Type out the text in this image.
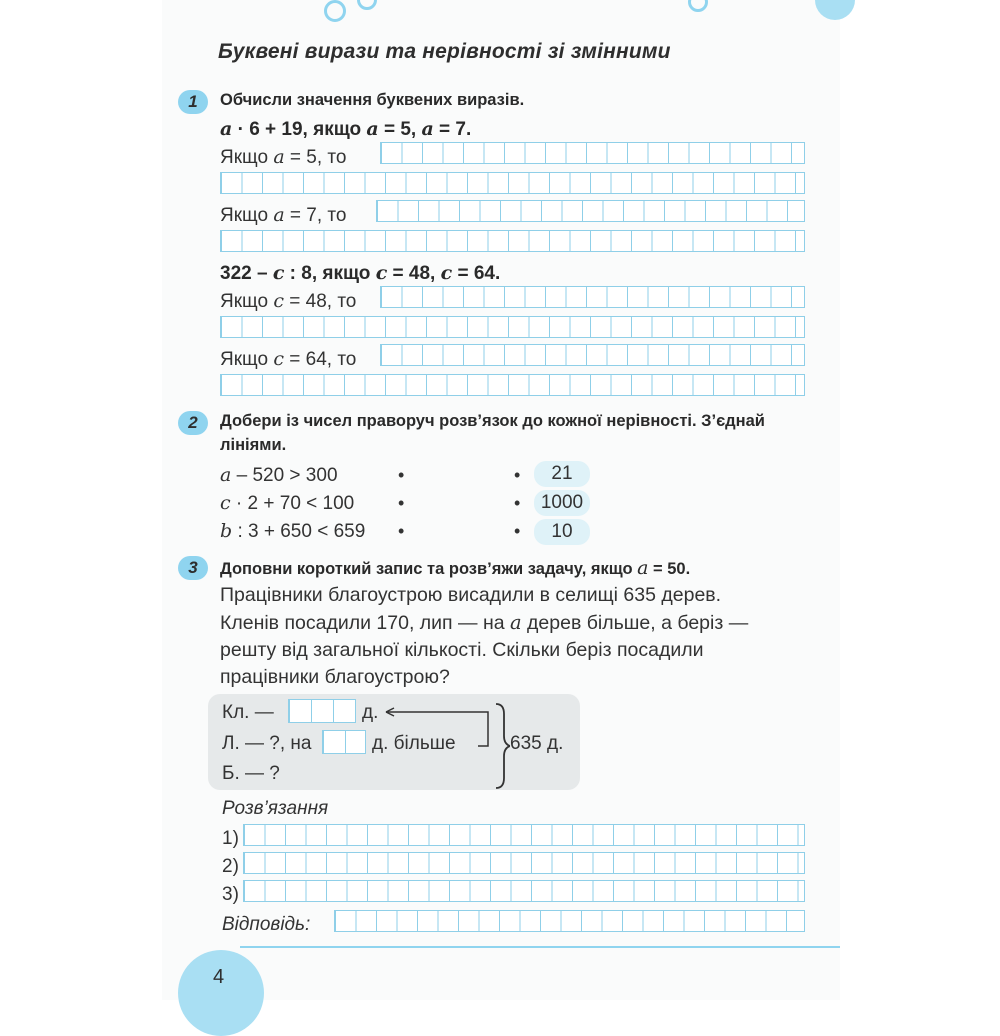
Буквені вирази та нерівності зі змінними
1 Обчисли значення буквених виразів.
a · 6 + 19, якщо a = 5, a = 7.
Якщо a = 5, то
Якщо a = 7, то
322 – c : 8, якщо c = 48, c = 64.
Якщо c = 48, то
Якщо c = 64, то
2 Добери із чисел праворуч розв’язок до кожної нерівності. З’єднай
лініями.
a – 520 > 300
c · 2 + 70 < 100
b : 3 + 650 < 659
•
•
•
•
•
•
21
1000
10
3 Доповни короткий запис та розв’яжи задачу, якщо a = 50.
Працівники благоустрою висадили в селищі 635 дерев.
Кленів посадили 170, лип — на a дерев більше, а беріз —
решту від загальної кількості. Скільки беріз посадили
працівники благоустрою?
Кл. —	д.
Л. — ?, на	д. більше
Б. — ?
635 д.
Розв’язання
1)
2)
3)
Відповідь:
4
